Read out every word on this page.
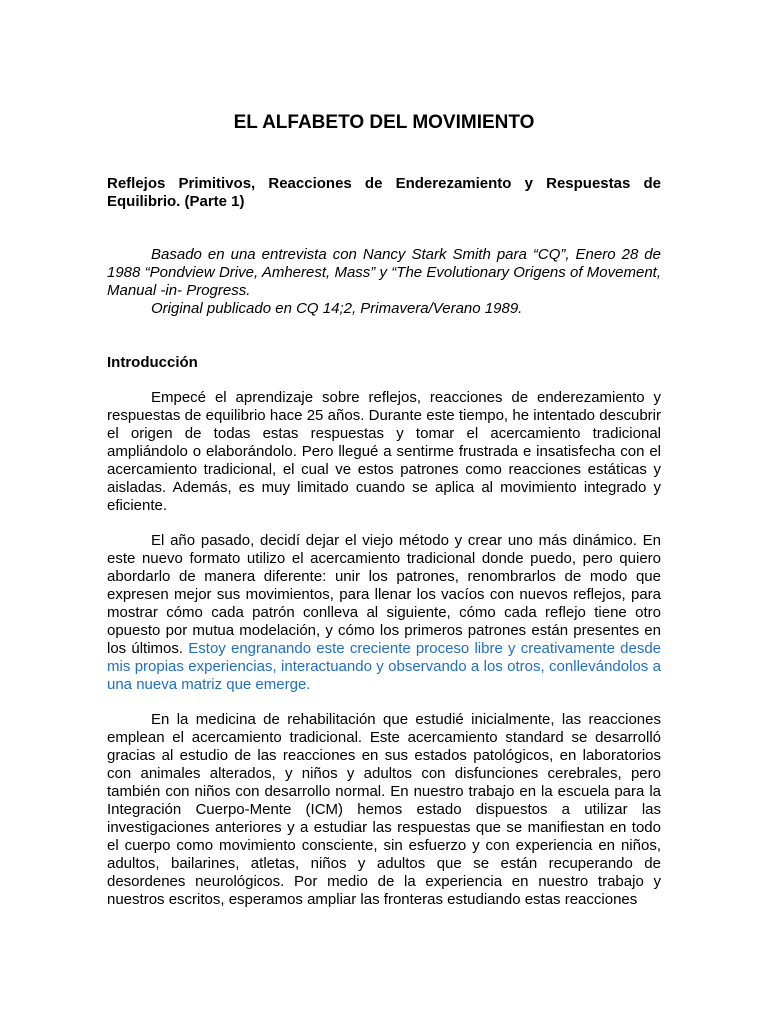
EL ALFABETO DEL MOVIMIENTO

Reflejos Primitivos, Reacciones de Enderezamiento y Respuestas de Equilibrio. (Parte 1)

Basado en una entrevista con Nancy Stark Smith para “CQ”, Enero 28 de 1988 “Pondview Drive, Amherest, Mass” y “The Evolutionary Origens of Movement, Manual -in- Progress.

Original publicado en CQ 14;2, Primavera/Verano 1989.

Introducción

Empecé el aprendizaje sobre reflejos, reacciones de enderezamiento y respuestas de equilibrio hace 25 años. Durante este tiempo, he intentado descubrir el origen de todas estas respuestas y tomar el acercamiento tradicional ampliándolo o elaborándolo. Pero llegué a sentirme frustrada e insatisfecha con el acercamiento tradicional, el cual ve estos patrones como reacciones estáticas y aisladas. Además, es muy limitado cuando se aplica al movimiento integrado y eficiente.

El año pasado, decidí dejar el viejo método y crear uno más dinámico. En este nuevo formato utilizo el acercamiento tradicional donde puedo, pero quiero abordarlo de manera diferente: unir los patrones, renombrarlos de modo que expresen mejor sus movimientos, para llenar los vacíos con nuevos reflejos, para mostrar cómo cada patrón conlleva al siguiente, cómo cada reflejo tiene otro opuesto por mutua modelación, y cómo los primeros patrones están presentes en los últimos. Estoy engranando este creciente proceso libre y creativamente desde mis propias experiencias, interactuando y observando a los otros, conllevándolos a una nueva matriz que emerge.

En la medicina de rehabilitación que estudié inicialmente, las reacciones emplean el acercamiento tradicional. Este acercamiento standard se desarrolló gracias al estudio de las reacciones en sus estados patológicos, en laboratorios con animales alterados, y niños y adultos con disfunciones cerebrales, pero también con niños con desarrollo normal. En nuestro trabajo en la escuela para la Integración Cuerpo-Mente (ICM) hemos estado dispuestos a utilizar las investigaciones anteriores y a estudiar las respuestas que se manifiestan en todo el cuerpo como movimiento consciente, sin esfuerzo y con experiencia en niños, adultos, bailarines, atletas, niños y adultos que se están recuperando de desordenes neurológicos. Por medio de la experiencia en nuestro trabajo y nuestros escritos, esperamos ampliar las fronteras estudiando estas reacciones
